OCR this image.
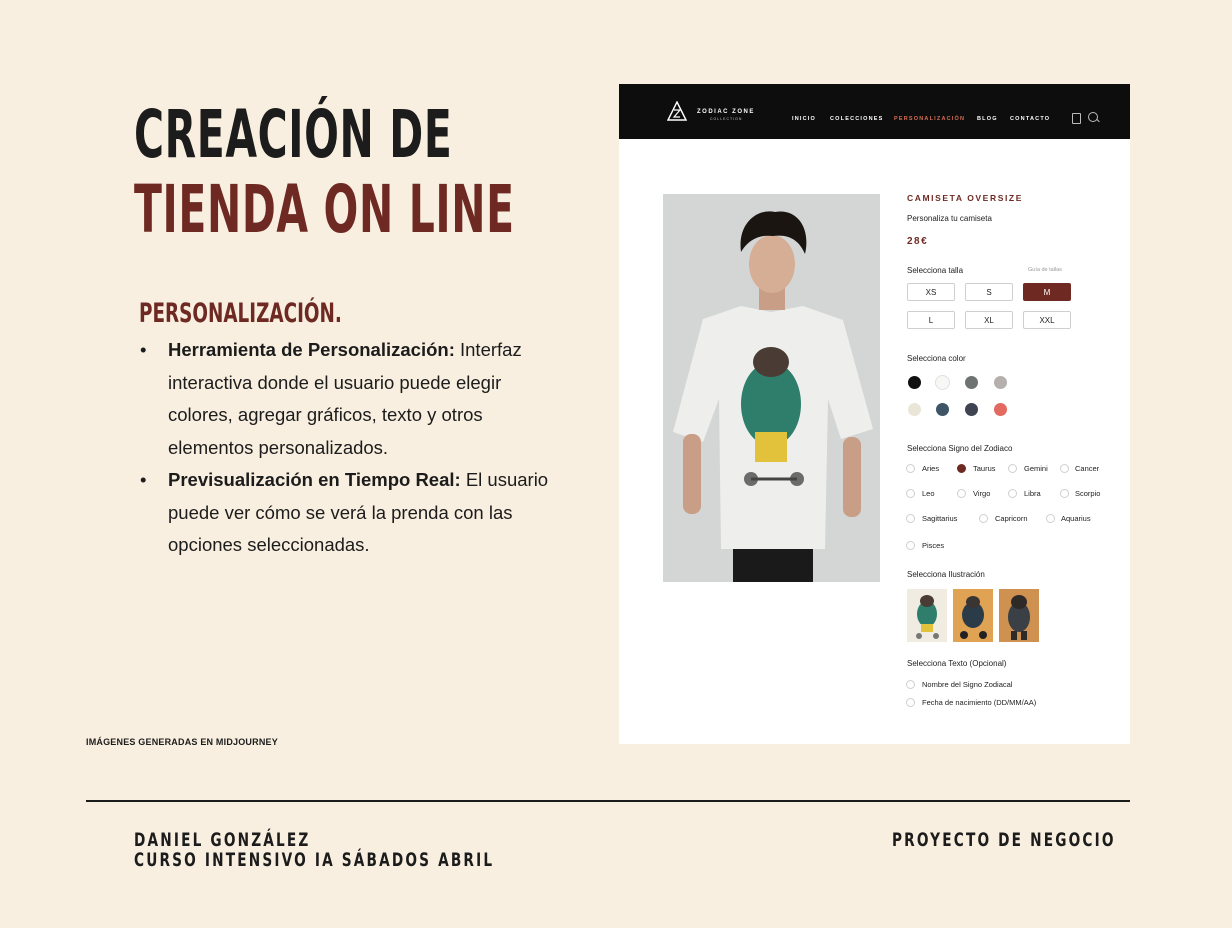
CREACIÓN DE
TIENDA ON LINE
PERSONALIZACIÓN.
• Herramienta de Personalización: Interfaz interactiva donde el usuario puede elegir colores, agregar gráficos, texto y otros elementos personalizados.
• Previsualización en Tiempo Real: El usuario puede ver cómo se verá la prenda con las opciones seleccionadas.
IMÁGENES GENERADAS EN MIDJOURNEY
DANIEL GONZÁLEZ
CURSO INTENSIVO IA SÁBADOS ABRIL
PROYECTO DE NEGOCIO
ZODIAC ZONE
COLLECTION	INICIO	COLECCIONES PERSONALIZACIÓN BLOG CONTACTO
CAMISETA OVERSIZE
Personaliza tu camiseta
28€
Selecciona talla	Guía de tallas
XS	S	M
L	XL	XXL
Selecciona color
Selecciona Signo del Zodiaco
Aries	Taurus	Gemini	Cancer
Leo	Virgo	Libra	Scorpio
Sagittarius	Capricorn	Aquarius
Pisces
Selecciona Ilustración
Selecciona Texto (Opcional)
Nombre del Signo Zodiacal
Fecha de nacimiento (DD/MM/AA)
